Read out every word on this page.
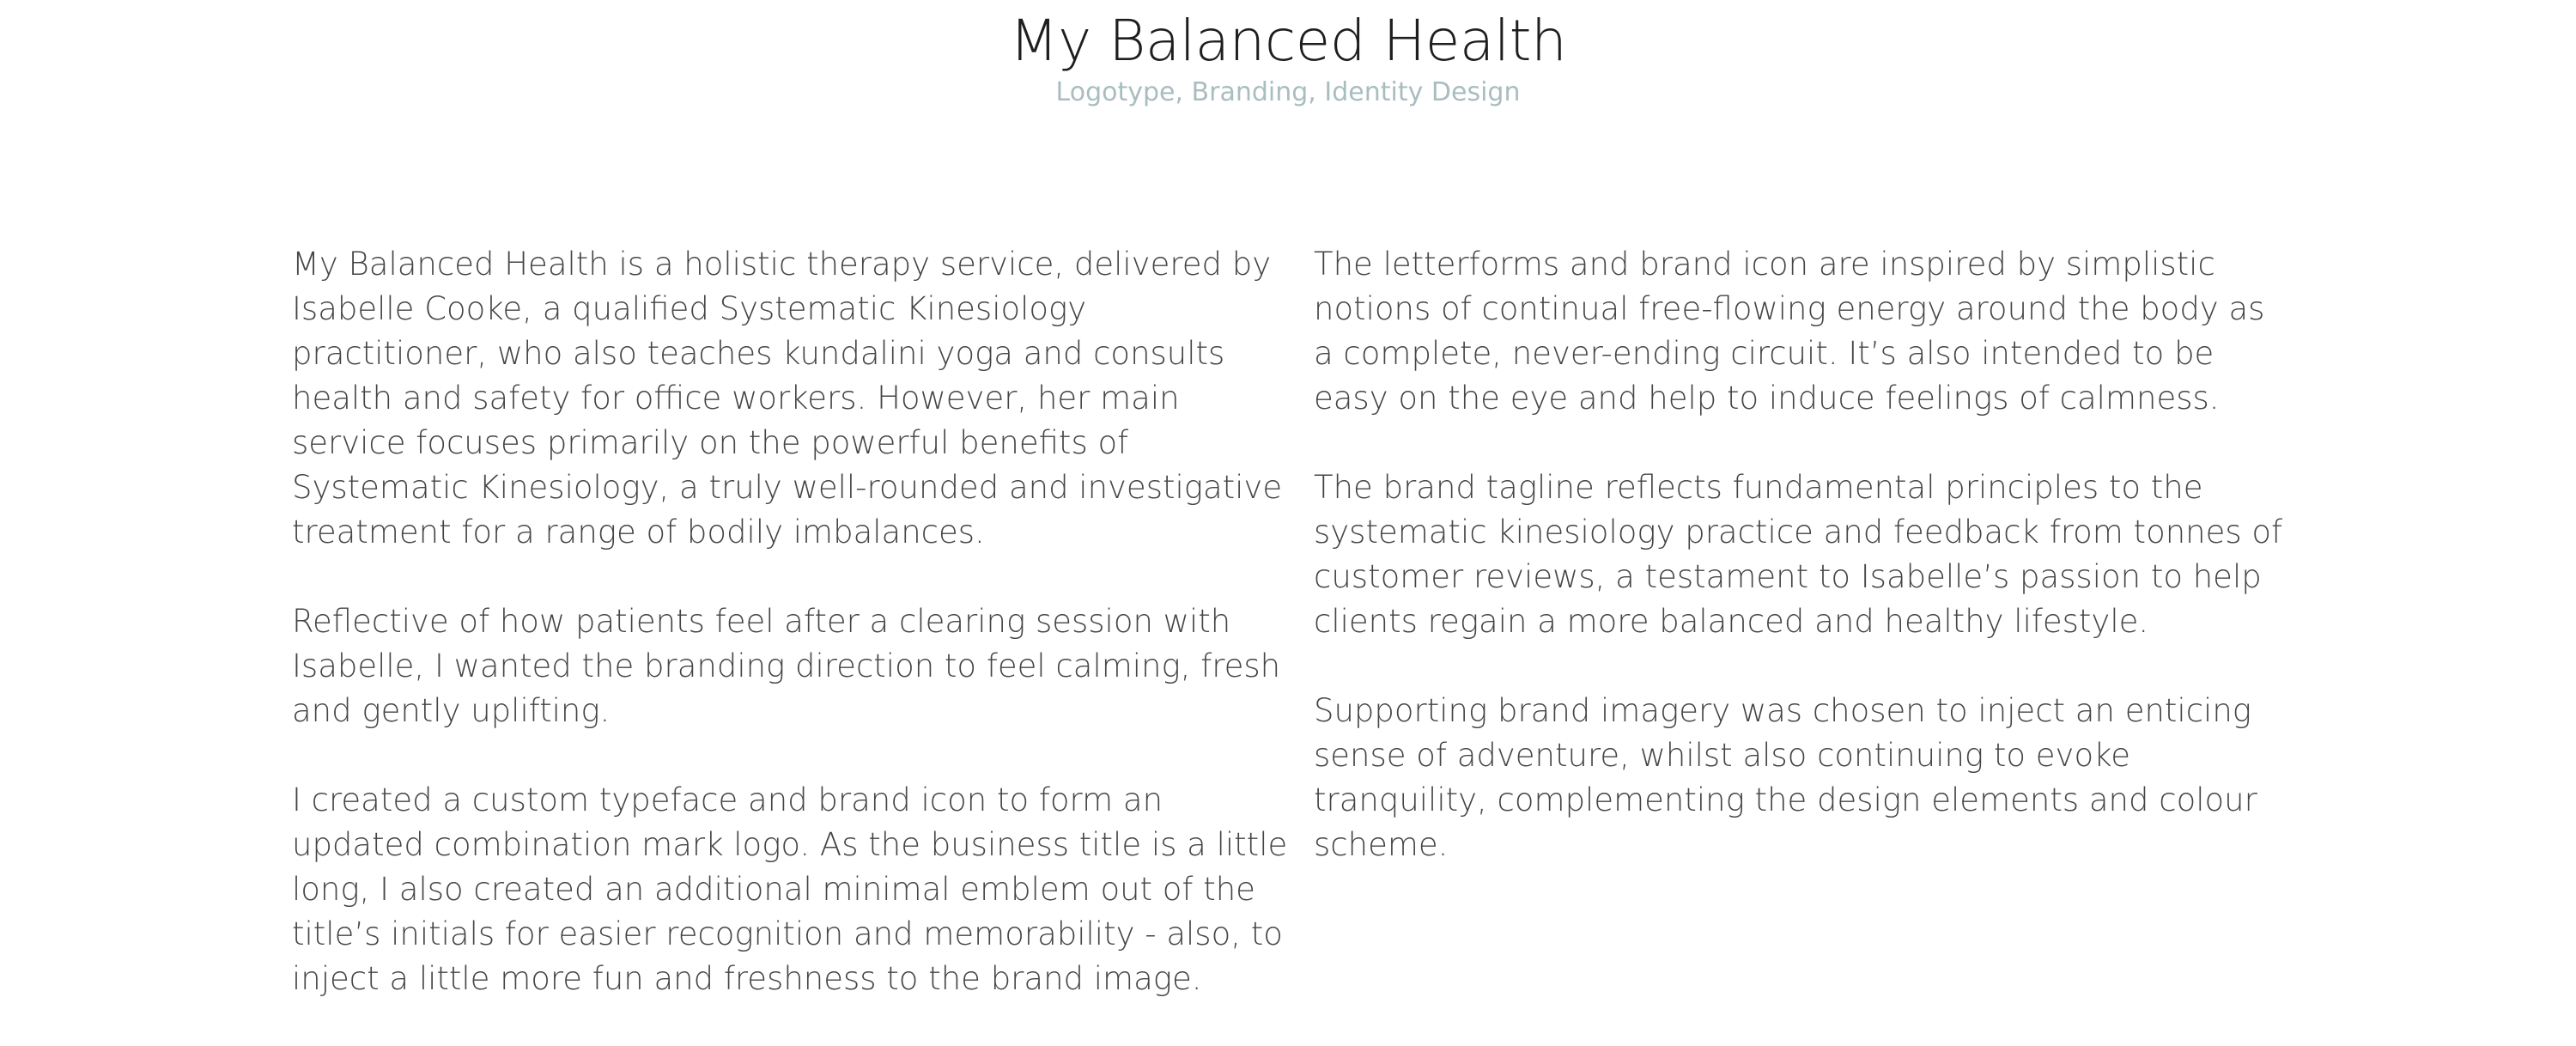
My Balanced Health
Logotype, Branding, Identity Design

My Balanced Health is a holistic therapy service, delivered by Isabelle Cooke, a qualified Systematic Kinesiology practitioner, who also teaches kundalini yoga and consults health and safety for office workers. However, her main service focuses primarily on the powerful benefits of Systematic Kinesiology, a truly well-rounded and investigative treatment for a range of bodily imbalances.

Reflective of how patients feel after a clearing session with Isabelle, I wanted the branding direction to feel calming, fresh and gently uplifting.

I created a custom typeface and brand icon to form an updated combination mark logo. As the business title is a little long, I also created an additional minimal emblem out of the title’s initials for easier recognition and memorability - also, to inject a little more fun and freshness to the brand image.

The letterforms and brand icon are inspired by simplistic notions of continual free-flowing energy around the body as a complete, never-ending circuit. It’s also intended to be easy on the eye and help to induce feelings of calmness.

The brand tagline reflects fundamental principles to the systematic kinesiology practice and feedback from tonnes of customer reviews, a testament to Isabelle’s passion to help clients regain a more balanced and healthy lifestyle.

Supporting brand imagery was chosen to inject an enticing sense of adventure, whilst also continuing to evoke tranquility, complementing the design elements and colour scheme.
